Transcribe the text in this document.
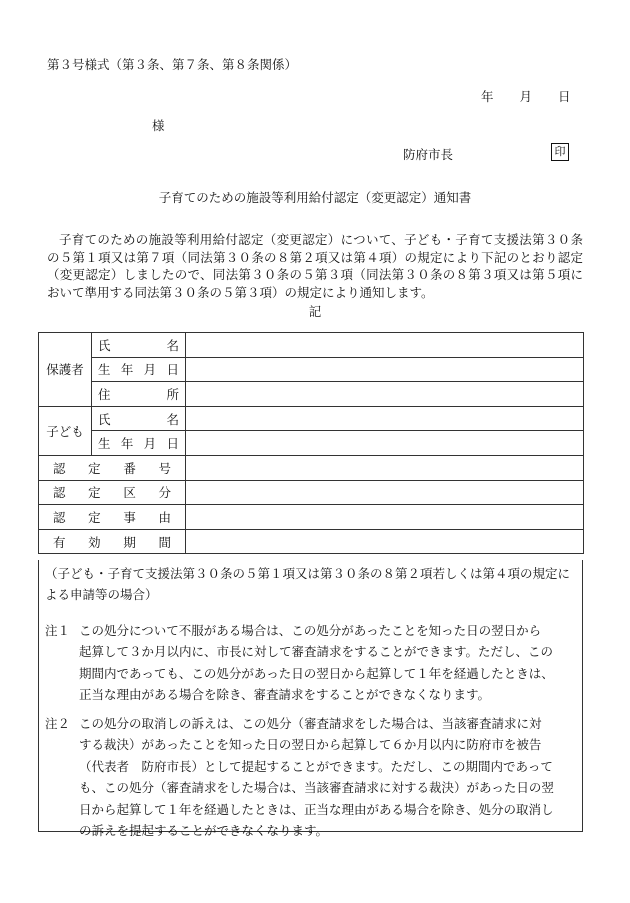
第３号様式（第３条、第７条、第８条関係）
年 月 日
様
防府市長	印
子育てのための施設等利用給付認定（変更認定）通知書
子育てのための施設等利用給付認定（変更認定）について、子ども・子育て支援法第３０条の５第１項又は第７項（同法第３０条の８第２項又は第４項）の規定により下記のとおり認定（変更認定）しましたので、同法第３０条の５第３項（同法第３０条の８第３項又は第５項において準用する同法第３０条の５第３項）の規定により通知します。
記
保護者	氏 名	

	生 年 月 日	

	住 所	

子ども	氏 名	

	生 年 月 日	

認 定 番 号		

認 定 区 分		

認 定 事 由		

有 効 期 間		

（子ども・子育て支援法第３０条の５第１項又は第３０条の８第２項若しくは第４項の規定による申請等の場合）
注１ この処分について不服がある場合は、この処分があったことを知った日の翌日から
起算して３か月以内に、市長に対して審査請求をすることができます。ただし、この
期間内であっても、この処分があった日の翌日から起算して１年を経過したときは、
正当な理由がある場合を除き、審査請求をすることができなくなります。
注２ この処分の取消しの訴えは、この処分（審査請求をした場合は、当該審査請求に対
する裁決）があったことを知った日の翌日から起算して６か月以内に防府市を被告
（代表者　防府市長）として提起することができます。ただし、この期間内であって
も、この処分（審査請求をした場合は、当該審査請求に対する裁決）があった日の翌
日から起算して１年を経過したときは、正当な理由がある場合を除き、処分の取消し
の訴えを提起することができなくなります。
